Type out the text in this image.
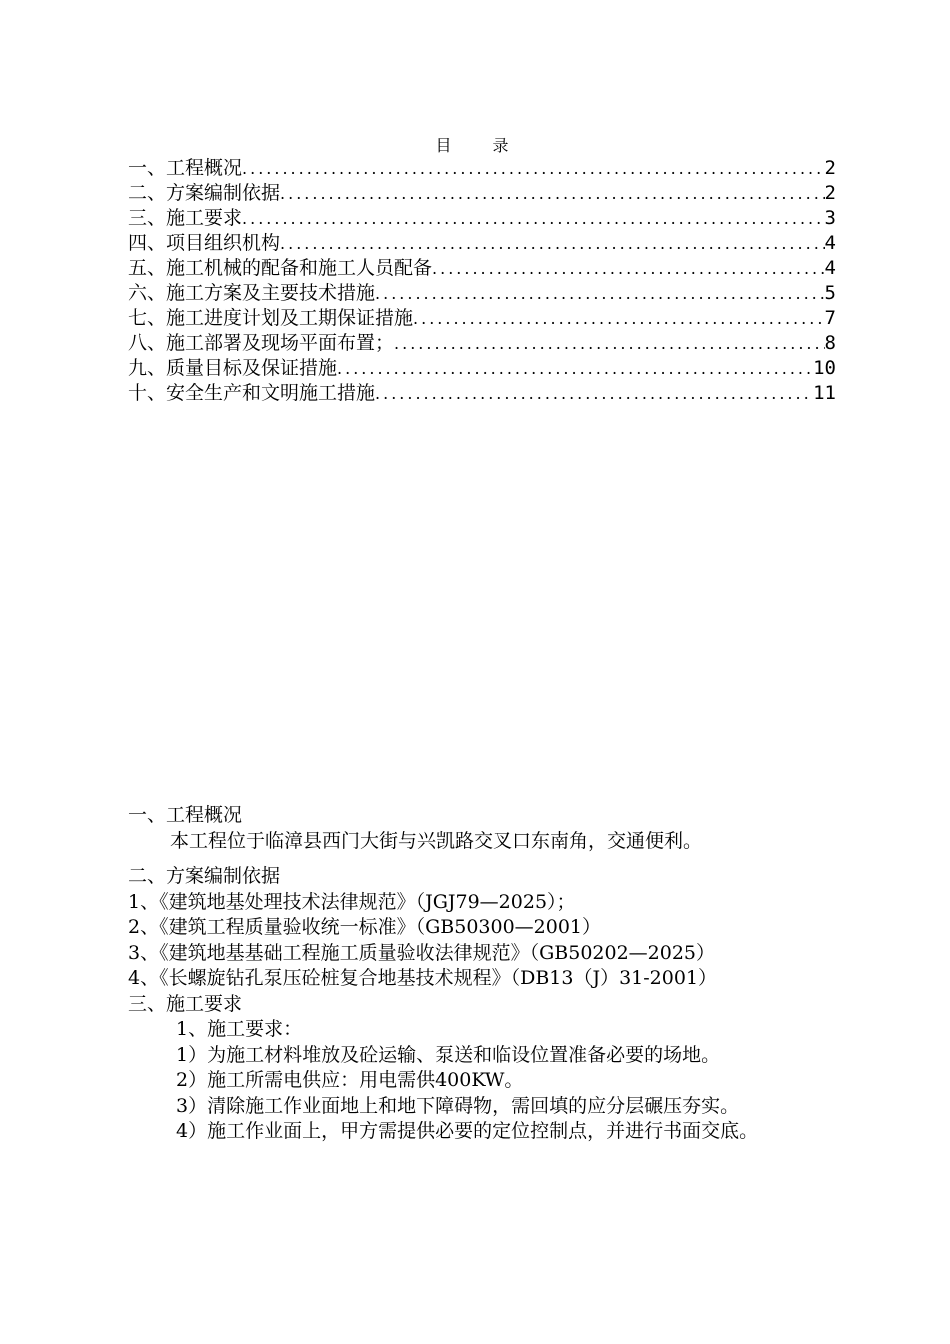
目 录
一、工程概况 .....	2
二、方案编制依据 .....	2
三、施工要求 .....	3
四、项目组织机构 .....	4
五、施工机械的配备和施工人员配备 .....	4
六、施工方案及主要技术措施 .....	5
七、施工进度计划及工期保证措施 .....	7
八、施工部署及现场平面布置； .....	8
九、质量目标及保证措施 .....	10
十、安全生产和文明施工措施 .....	11
一、工程概况
本工程位于临漳县西门大街与兴凯路交叉口东南角，交通便利。
二、方案编制依据
1、《建筑地基处理技术法律规范》（JGJ79—2025）；
2、《建筑工程质量验收统一标准》（GB50300—2001）
3、《建筑地基基础工程施工质量验收法律规范》（GB50202—2025）
4、《长螺旋钻孔泵压砼桩复合地基技术规程》（DB13（J）31-2001）
三、施工要求
1、施工要求：
1）为施工材料堆放及砼运输、泵送和临设位置准备必要的场地。
2）施工所需电供应：用电需供400KW。
3）清除施工作业面地上和地下障碍物，需回填的应分层碾压夯实。
4）施工作业面上，甲方需提供必要的定位控制点，并进行书面交底。
